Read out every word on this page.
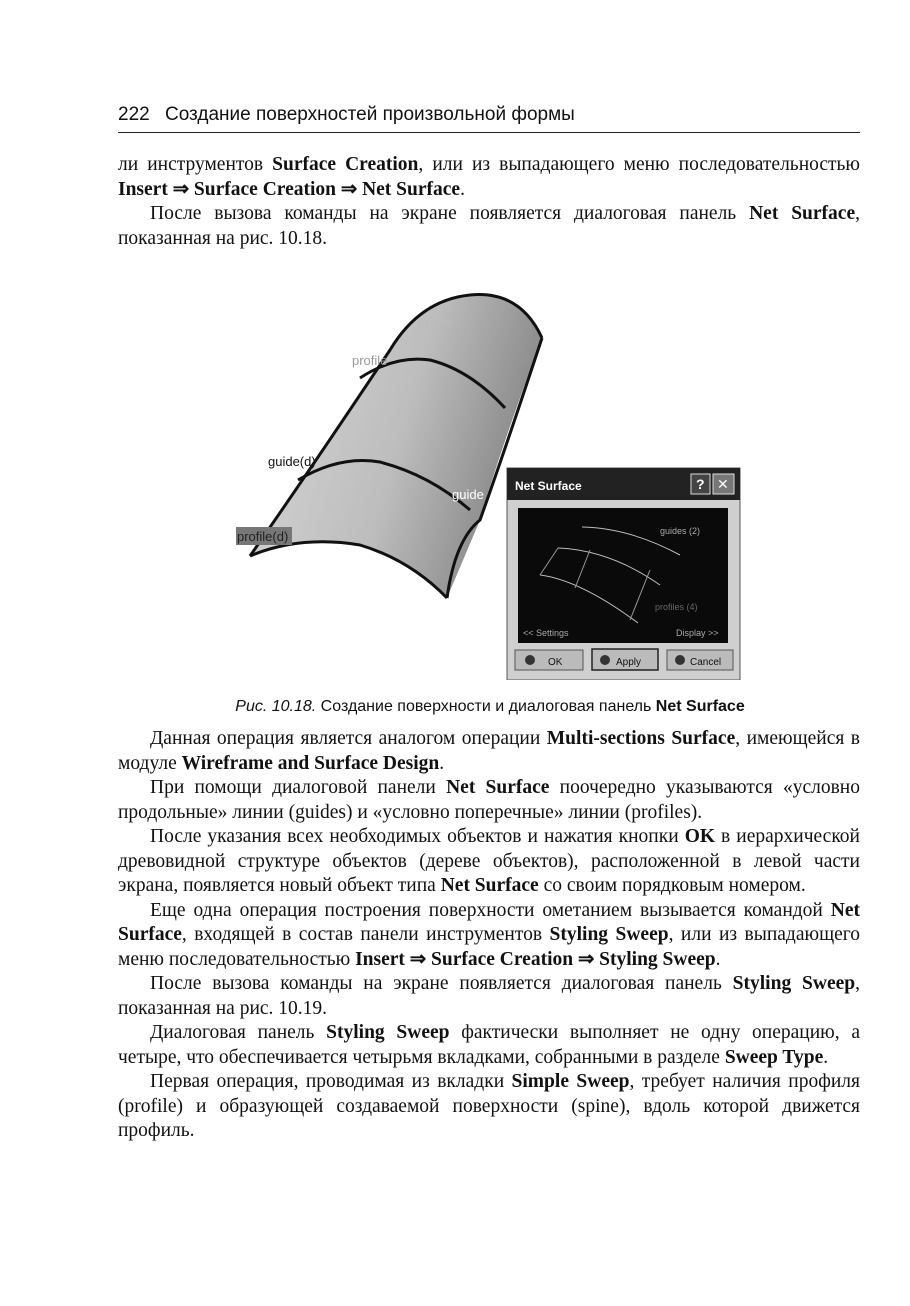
222 Создание поверхностей произвольной формы

ли инструментов Surface Creation, или из выпадающего меню последовательностью Insert ⇒ Surface Creation ⇒ Net Surface.

После вызова команды на экране появляется диалоговая панель Net Surface, показанная на рис. 10.18.

profile
profile
guide(d)
guide
profile(d)
Net Surface	? ✕
guides (2)
profiles (4)
<< Settings	Display >>
OK	Apply	Cancel
Рис. 10.18. Создание поверхности и диалоговая панель Net Surface

Данная операция является аналогом операции Multi-sections Surface, имеющейся в модуле Wireframe and Surface Design.

При помощи диалоговой панели Net Surface поочередно указываются «условно продольные» линии (guides) и «условно поперечные» линии (profiles).

После указания всех необходимых объектов и нажатия кнопки OK в иерархической древовидной структуре объектов (дереве объектов), расположенной в левой части экрана, появляется новый объект типа Net Surface со своим порядковым номером.

Еще одна операция построения поверхности ометанием вызывается командой Net Surface, входящей в состав панели инструментов Styling Sweep, или из выпадающего меню последовательностью Insert ⇒ Surface Creation ⇒ Styling Sweep.

После вызова команды на экране появляется диалоговая панель Styling Sweep, показанная на рис. 10.19.

Диалоговая панель Styling Sweep фактически выполняет не одну операцию, а четыре, что обеспечивается четырьмя вкладками, собранными в разделе Sweep Type.

Первая операция, проводимая из вкладки Simple Sweep, требует наличия профиля (profile) и образующей создаваемой поверхности (spine), вдоль которой движется профиль.
